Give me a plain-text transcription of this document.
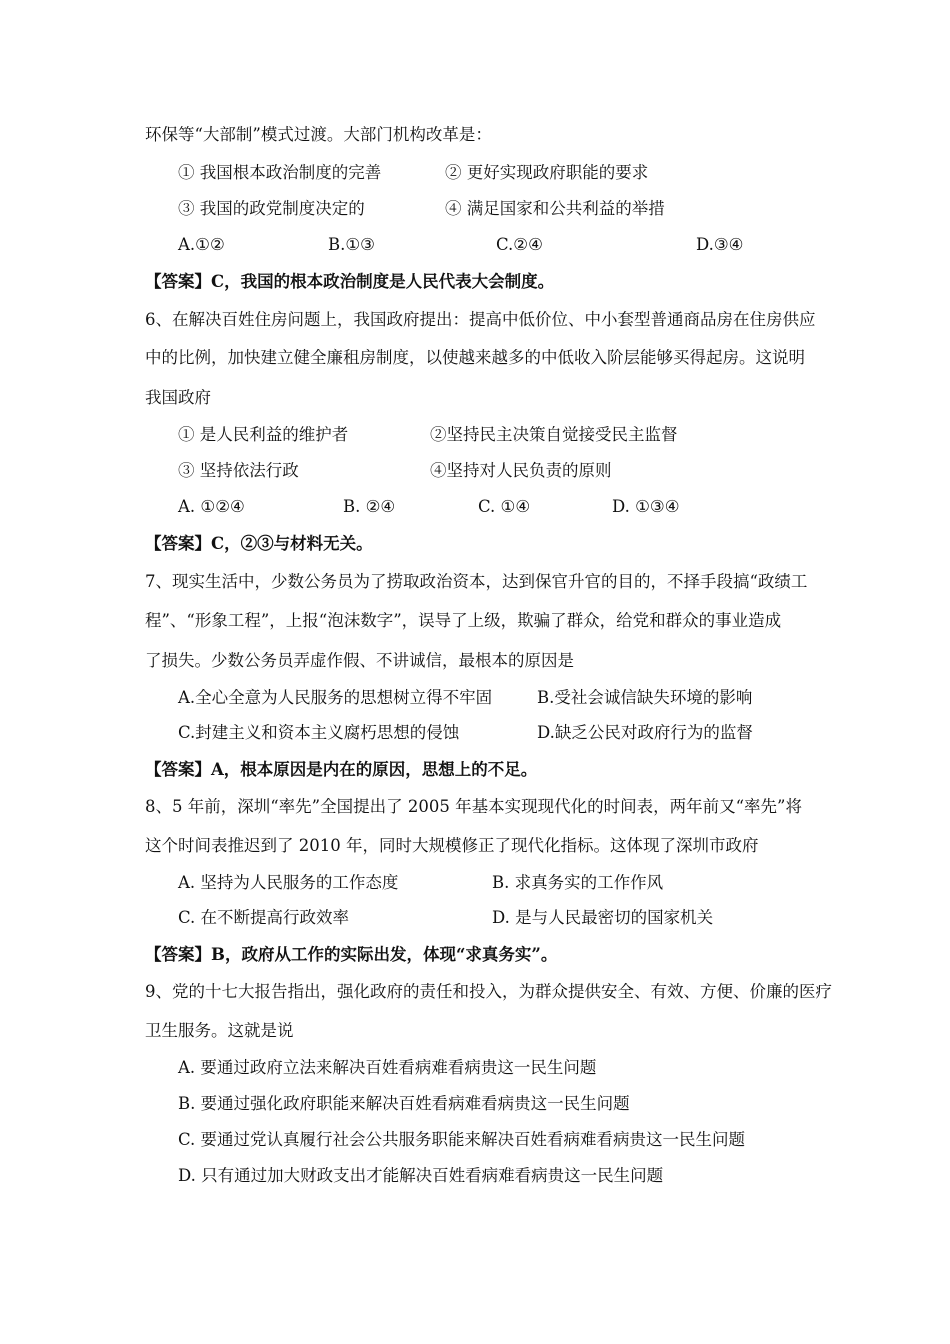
环保等“大部制”模式过渡。大部门机构改革是：
① 我国根本政治制度的完善	② 更好实现政府职能的要求
③ 我国的政党制度决定的	④ 满足国家和公共利益的举措
A.①②	B.①③	C.②④	D.③④
【答案】C，我国的根本政治制度是人民代表大会制度。
6、在解决百姓住房问题上，我国政府提出：提高中低价位、中小套型普通商品房在住房供应
中的比例，加快建立健全廉租房制度，以使越来越多的中低收入阶层能够买得起房。这说明
我国政府
① 是人民利益的维护者	②坚持民主决策自觉接受民主监督
③ 坚持依法行政	④坚持对人民负责的原则
A. ①②④	B. ②④	C. ①④	D. ①③④
【答案】C，②③与材料无关。
7、现实生活中，少数公务员为了捞取政治资本，达到保官升官的目的，不择手段搞“政绩工
程”、“形象工程”，上报“泡沫数字”，误导了上级，欺骗了群众，给党和群众的事业造成
了损失。少数公务员弄虚作假、不讲诚信，最根本的原因是
A.全心全意为人民服务的思想树立得不牢固	B.受社会诚信缺失环境的影响
C.封建主义和资本主义腐朽思想的侵蚀	D.缺乏公民对政府行为的监督
【答案】A，根本原因是内在的原因，思想上的不足。
8、5 年前，深圳“率先”全国提出了 2005 年基本实现现代化的时间表，两年前又“率先”将
这个时间表推迟到了 2010 年，同时大规模修正了现代化指标。这体现了深圳市政府
A. 坚持为人民服务的工作态度	B. 求真务实的工作作风
C. 在不断提高行政效率	D. 是与人民最密切的国家机关
【答案】B，政府从工作的实际出发，体现“求真务实”。
9、党的十七大报告指出，强化政府的责任和投入，为群众提供安全、有效、方便、价廉的医疗
卫生服务。这就是说
A. 要通过政府立法来解决百姓看病难看病贵这一民生问题
B. 要通过强化政府职能来解决百姓看病难看病贵这一民生问题
C. 要通过党认真履行社会公共服务职能来解决百姓看病难看病贵这一民生问题
D. 只有通过加大财政支出才能解决百姓看病难看病贵这一民生问题
